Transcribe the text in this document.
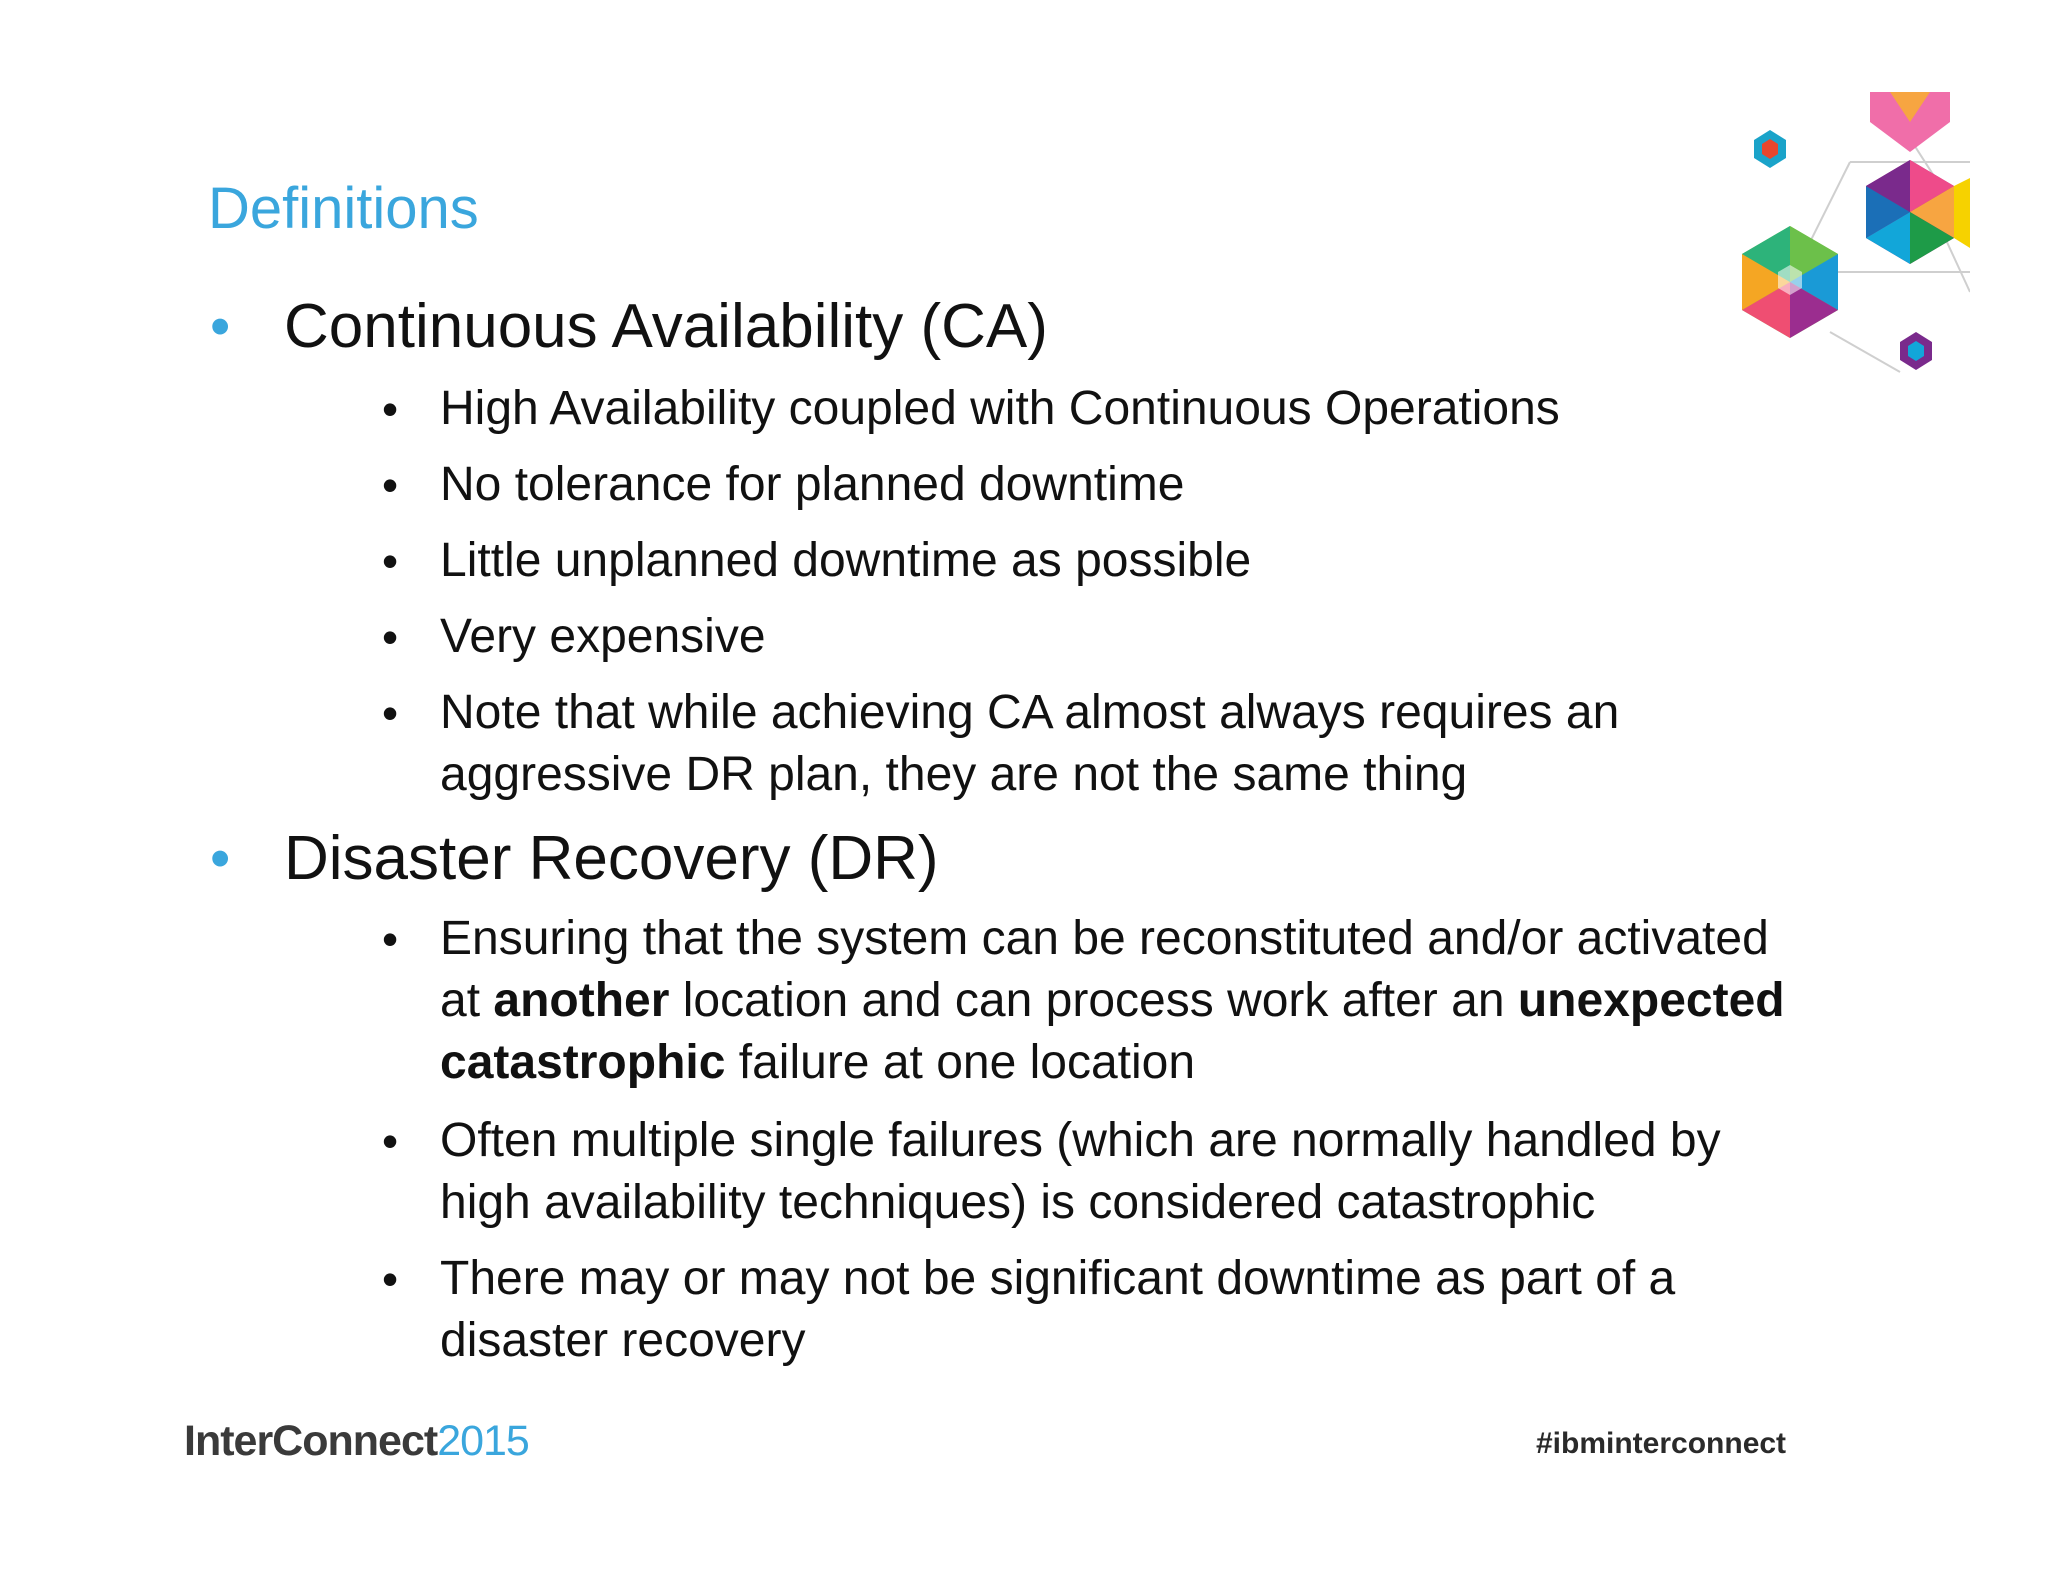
Definitions
• Continuous Availability (CA)
• High Availability coupled with Continuous Operations
• No tolerance for planned downtime
• Little unplanned downtime as possible
• Very expensive
• Note that while achieving CA almost always requires an
aggressive DR plan, they are not the same thing
• Disaster Recovery (DR)
• Ensuring that the system can be reconstituted and/or activated
at another location and can process work after an unexpected
catastrophic failure at one location
• Often multiple single failures (which are normally handled by
high availability techniques) is considered catastrophic
• There may or may not be significant downtime as part of a
disaster recovery
InterConnect2015	#ibminterconnect
